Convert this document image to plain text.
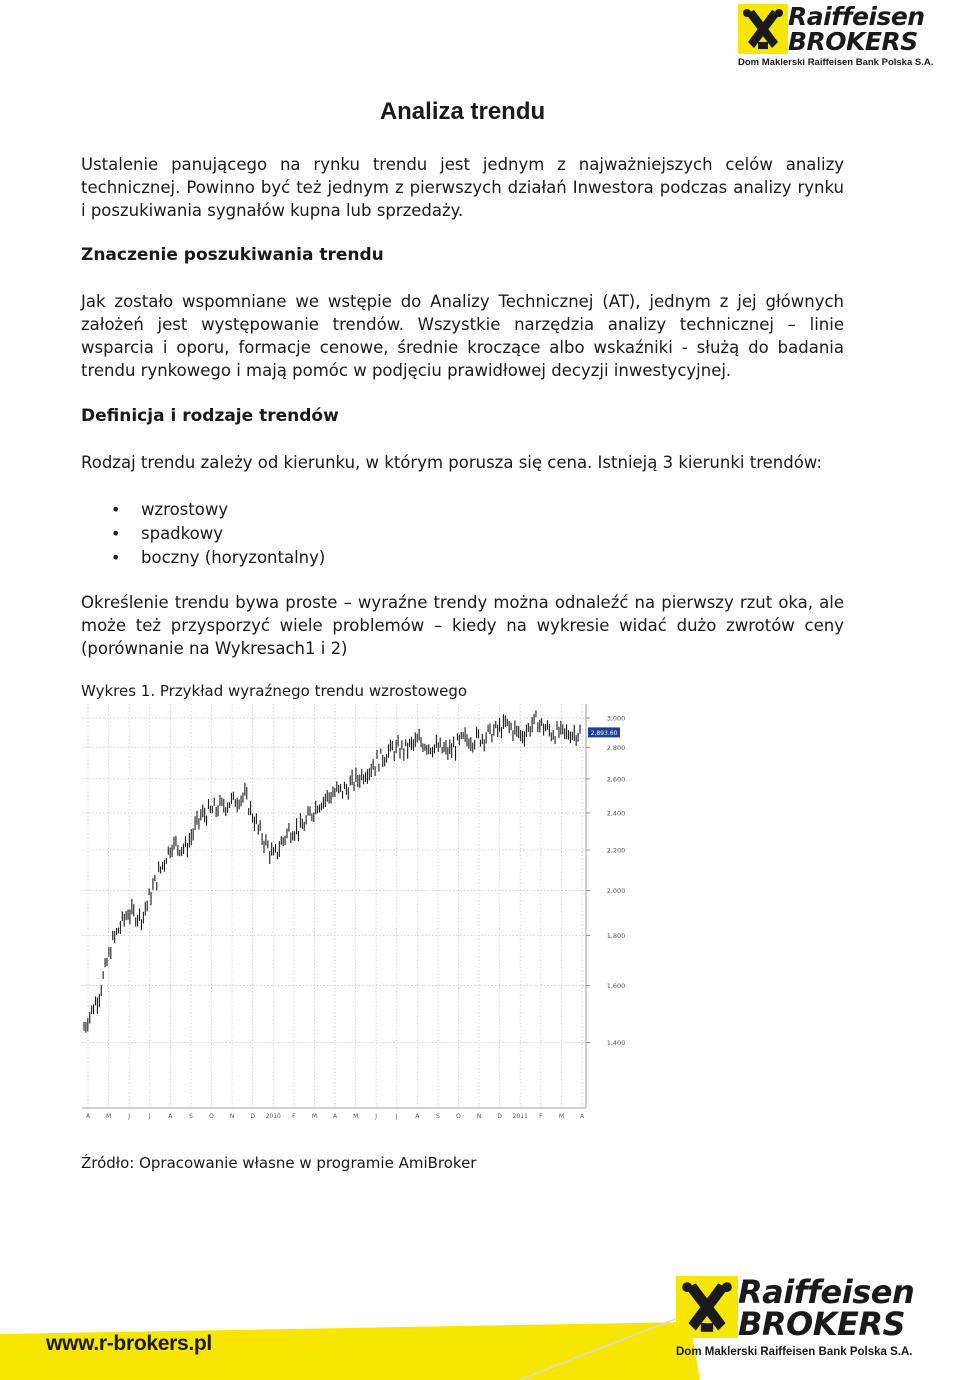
Raiffeisen
BROKERS
Dom Maklerski Raiffeisen Bank Polska S.A.
Analiza trendu

Ustalenie panującego na rynku trendu jest jednym z najważniejszych celów analizy technicznej. Powinno być też jednym z pierwszych działań Inwestora podczas analizy rynku i poszukiwania sygnałów kupna lub sprzedaży.

Znaczenie poszukiwania trendu

Jak zostało wspomniane we wstępie do Analizy Technicznej (AT), jednym z jej głównych założeń jest występowanie trendów. Wszystkie narzędzia analizy technicznej – linie wsparcia i oporu, formacje cenowe, średnie kroczące albo wskaźniki - służą do badania trendu rynkowego i mają pomóc w podjęciu prawidłowej decyzji inwestycyjnej.

Definicja i rodzaje trendów

Rodzaj trendu zależy od kierunku, w którym porusza się cena. Istnieją 3 kierunki trendów:

• wzrostowy
• spadkowy
• boczny (horyzontalny)

Określenie trendu bywa proste – wyraźne trendy można odnaleźć na pierwszy rzut oka, ale może też przysporzyć wiele problemów – kiedy na wykresie widać dużo zwrotów ceny (porównanie na Wykresach1 i 2)

Wykres 1. Przykład wyraźnego trendu wzrostowego
A	M	J	J	A	S	O	N	D 2010 F	M	A	M	J	J	A	S	O	N	D 2011 F	M	A
3,000
2,800
2,600
2,400
2,200
2,000
1,800
1,600
1,400
2,893.60
Źródło: Opracowanie własne w programie AmiBroker
www.r-brokers.pl
Raiffeisen
BROKERS
Dom Maklerski Raiffeisen Bank Polska S.A.
